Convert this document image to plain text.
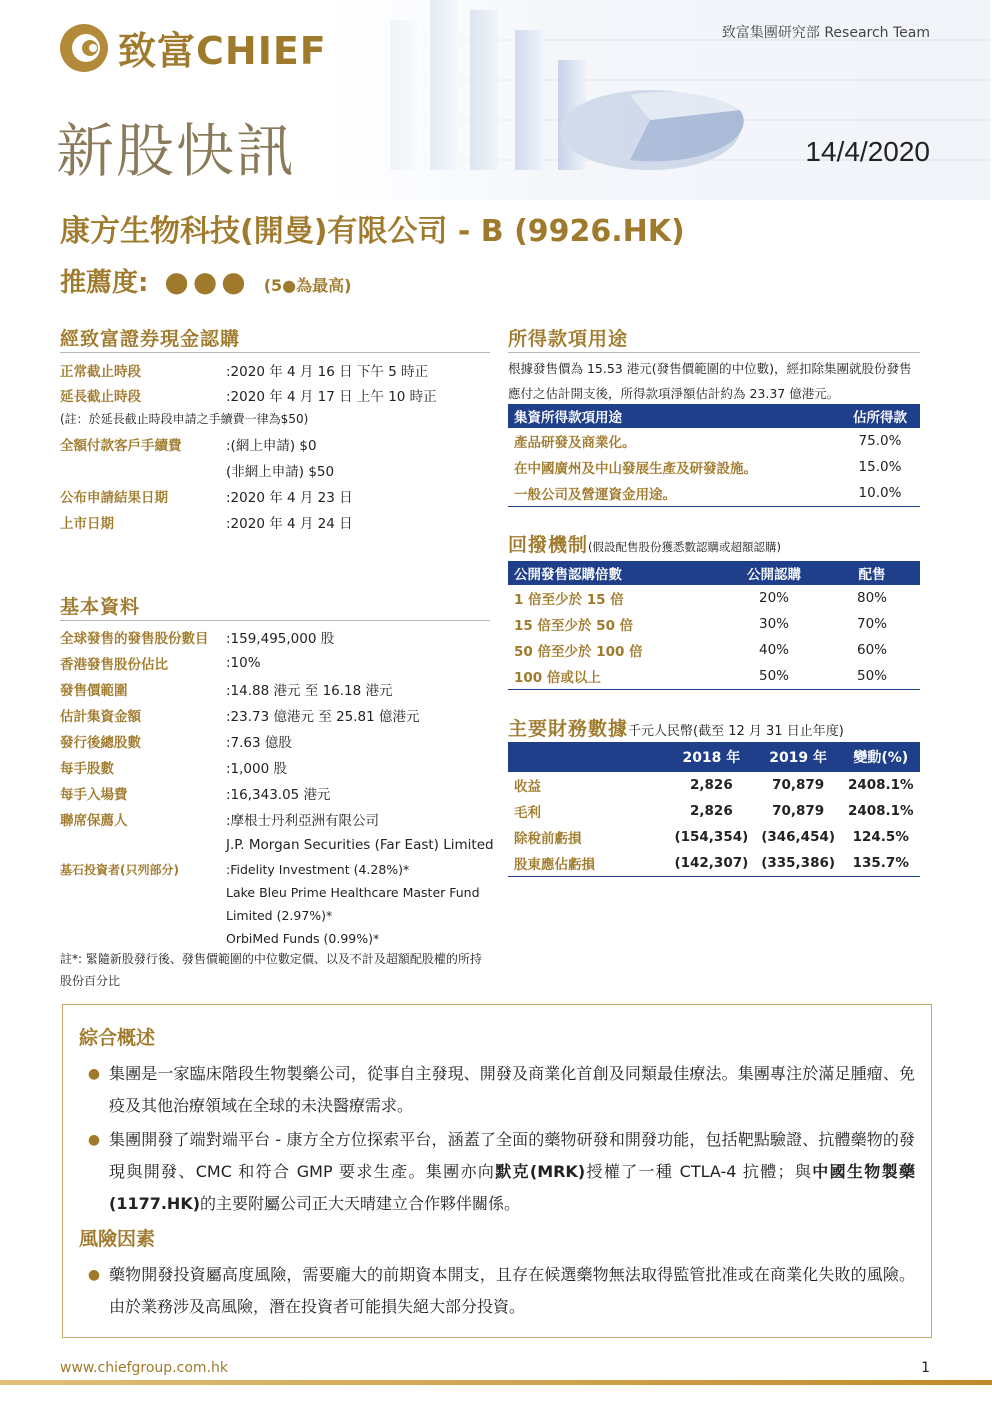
致富CHIEF	致富集團研究部 Research Team
新股快訊	14/4/2020
康方生物科技(開曼)有限公司 - B (9926.HK)
推薦度: ●●● (5●為最高)
經致富證券現金認購
正常截止時段	:2020 年 4 月 16 日 下午 5 時正
延長截止時段	:2020 年 4 月 17 日 上午 10 時正
(註：於延長截止時段申請之手續費一律為$50)
全額付款客戶手續費	:(網上申請) $0
(非網上申請) $50
公布申請結果日期	:2020 年 4 月 23 日
上市日期	:2020 年 4 月 24 日
基本資料
全球發售的發售股份數目	:159,495,000 股
香港發售股份佔比	:10%
發售價範圍	:14.88 港元 至 16.18 港元
估計集資金額	:23.73 億港元 至 25.81 億港元
發行後總股數	:7.63 億股
每手股數	:1,000 股
每手入場費	:16,343.05 港元
聯席保薦人	:摩根士丹利亞洲有限公司
J.P. Morgan Securities (Far East) Limited
基石投資者(只列部分)	:Fidelity Investment (4.28%)*
Lake Bleu Prime Healthcare Master Fund
Limited (2.97%)*
OrbiMed Funds (0.99%)*
註*: 緊隨新股發行後、發售價範圍的中位數定價、以及不計及超額配股權的所持股份百分比
所得款項用途
根據發售價為 15.53 港元(發售價範圍的中位數)，經扣除集團就股份發售應付之估計開支後，所得款項淨額估計約為 23.37 億港元。
集資所得款項用途	佔所得款
產品研發及商業化。	75.0%
在中國廣州及中山發展生產及研發設施。	15.0%
一般公司及營運資金用途。	10.0%
回撥機制(假設配售股份獲悉數認購或超額認購)
公開發售認購倍數	公開認購	配售
1 倍至少於 15 倍	20%	80%
15 倍至少於 50 倍	30%	70%
50 倍至少於 100 倍	40%	60%
100 倍或以上	50%	50%
主要財務數據千元人民幣(截至 12 月 31 日止年度)
	2018 年	2019 年	變動(%)
收益	2,826	70,879	2408.1%
毛利	2,826	70,879	2408.1%
除稅前虧損	(154,354)	(346,454)	124.5%
股東應佔虧損	(142,307)	(335,386)	135.7%
綜合概述
● 集團是一家臨床階段生物製藥公司，從事自主發現、開發及商業化首創及同類最佳療法。集團專注於滿足腫瘤、免疫及其他治療領域在全球的未決醫療需求。
● 集團開發了端對端平台 - 康方全方位探索平台，涵蓋了全面的藥物研發和開發功能，包括靶點驗證、抗體藥物的發現與開發、CMC 和符合 GMP 要求生產。集團亦向默克(MRK)授權了一種 CTLA-4 抗體；與中國生物製藥(1177.HK)的主要附屬公司正大天晴建立合作夥伴關係。
風險因素
● 藥物開發投資屬高度風險，需要龐大的前期資本開支，且存在候選藥物無法取得監管批准或在商業化失敗的風險。由於業務涉及高風險，潛在投資者可能損失絕大部分投資。
www.chiefgroup.com.hk	1
